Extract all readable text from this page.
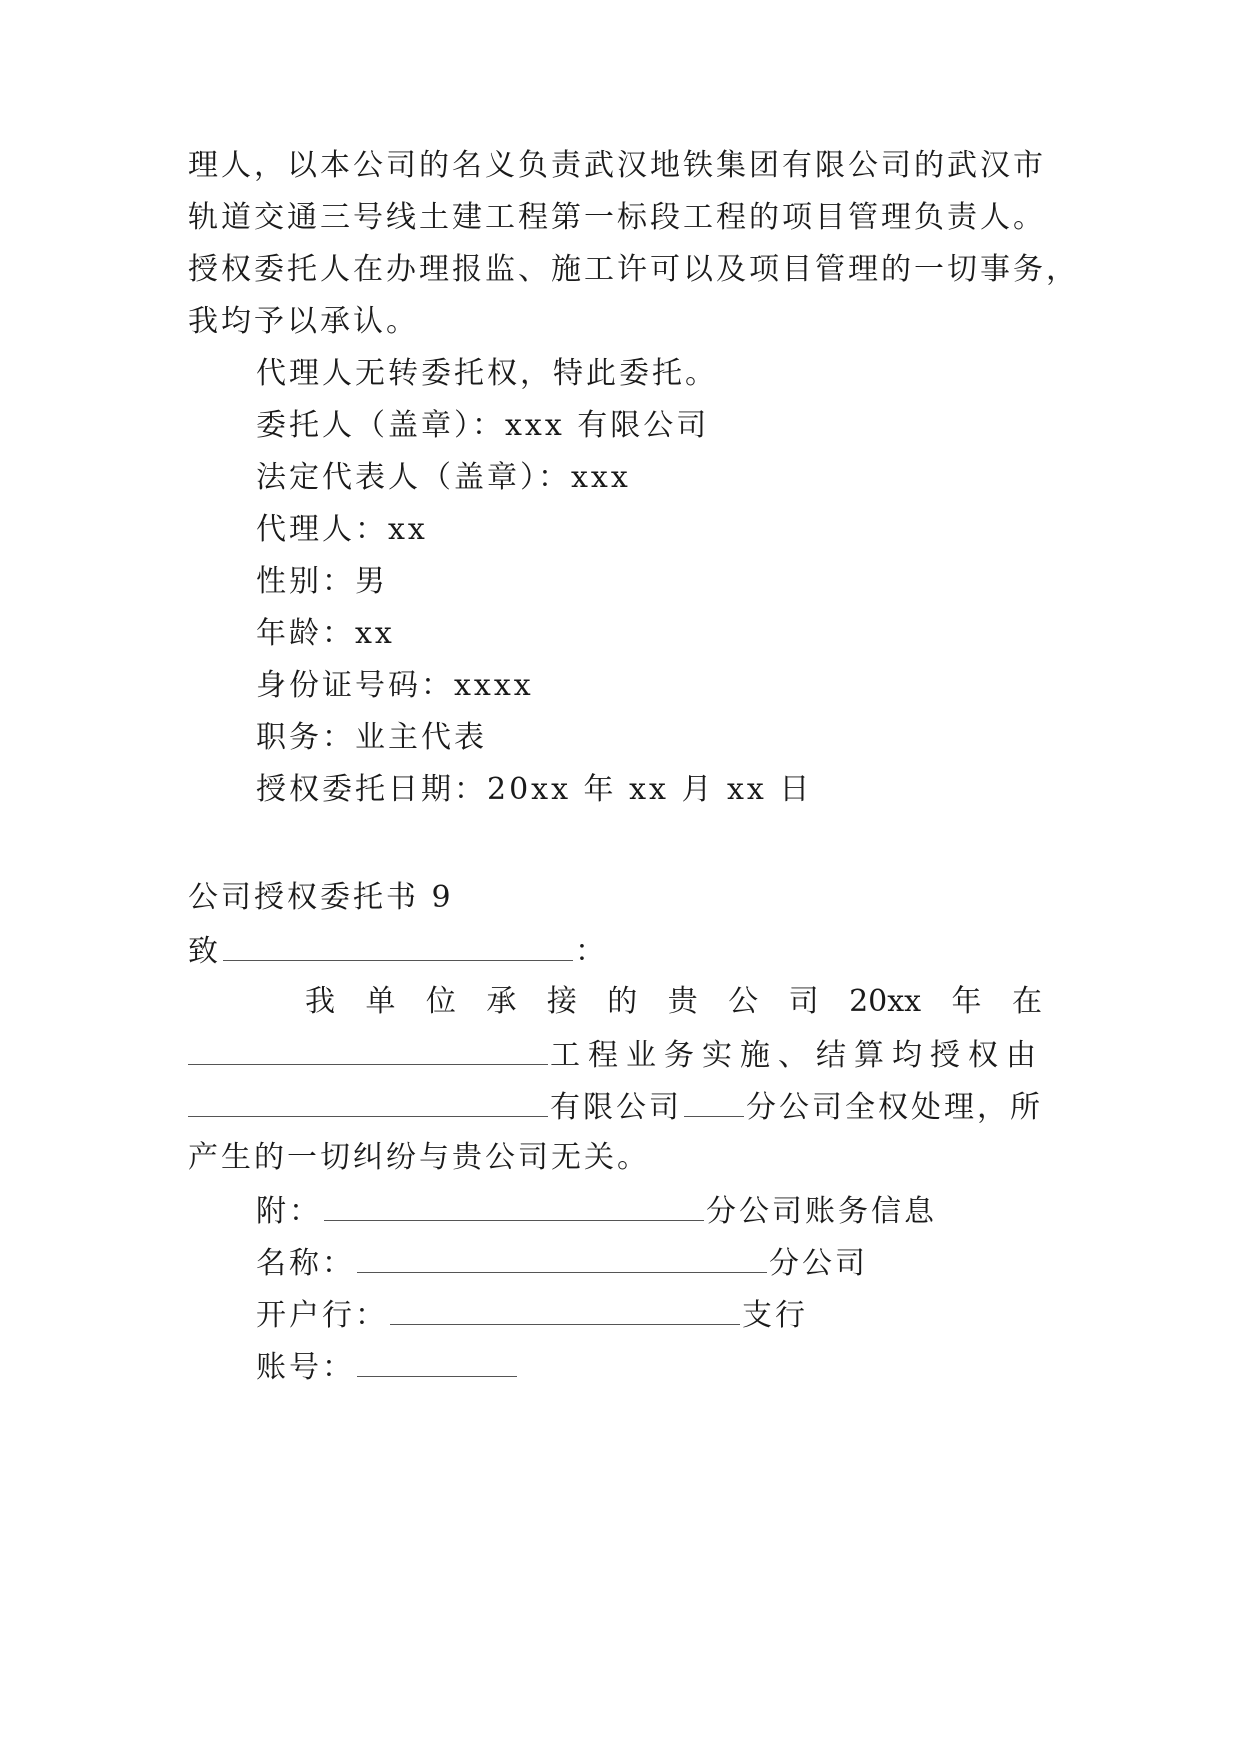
理人，以本公司的名义负责武汉地铁集团有限公司的武汉市
轨道交通三号线土建工程第一标段工程的项目管理负责人。
授权委托人在办理报监、施工许可以及项目管理的一切事务，
我均予以承认。
代理人无转委托权，特此委托。
委托人（盖章）：xxx 有限公司
法定代表人（盖章）：xxx
代理人：xx
性别：男
年龄：xx
身份证号码：xxxx
职务：业主代表
授权委托日期：20xx 年 xx 月 xx 日
公司授权委托书 9
致	：
我 单 位 承 接 的 贵 公 司 20xx 年 在
工程业务实施、结算均授权由
有限公司 分公司全权处理，所
产生的一切纠纷与贵公司无关。
附：	分公司账务信息
名称：	分公司
开户行：	支行
账号：
